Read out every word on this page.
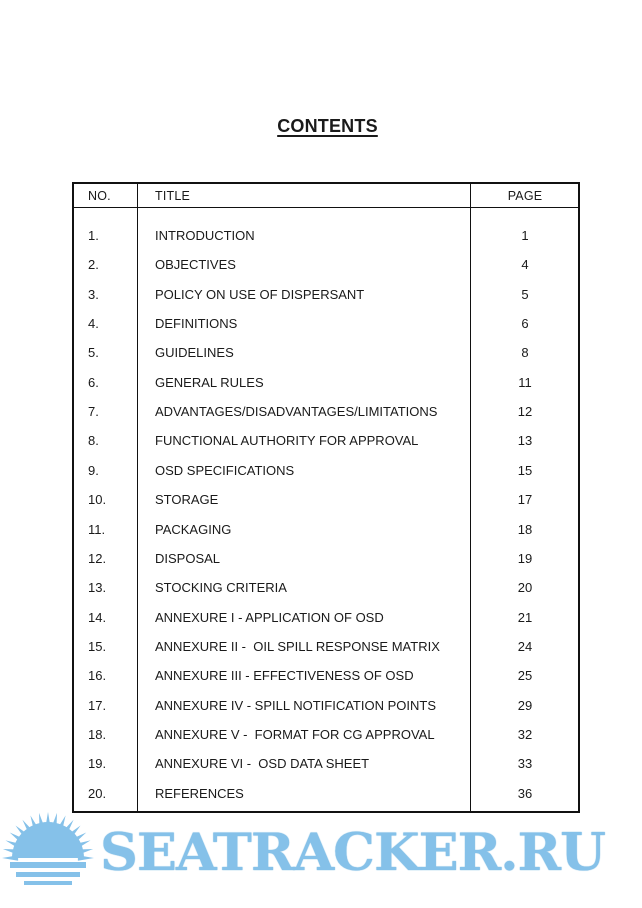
CONTENTS
NO.	TITLE	PAGE
1.	INTRODUCTION	1
2.	OBJECTIVES	4
3.	POLICY ON USE OF DISPERSANT	5
4.	DEFINITIONS	6
5.	GUIDELINES	8
6.	GENERAL RULES	11
7.	ADVANTAGES/DISADVANTAGES/LIMITATIONS	12
8.	FUNCTIONAL AUTHORITY FOR APPROVAL	13
9.	OSD SPECIFICATIONS	15
10.	STORAGE	17
11.	PACKAGING	18
12.	DISPOSAL	19
13.	STOCKING CRITERIA	20
14.	ANNEXURE I - APPLICATION OF OSD	21
15.	ANNEXURE II -  OIL SPILL RESPONSE MATRIX	24
16.	ANNEXURE III - EFFECTIVENESS OF OSD	25
17.	ANNEXURE IV - SPILL NOTIFICATION POINTS	29
18.	ANNEXURE V -  FORMAT FOR CG APPROVAL	32
19.	ANNEXURE VI -  OSD DATA SHEET	33
20.	REFERENCES	36
SEATRACKER.RU
